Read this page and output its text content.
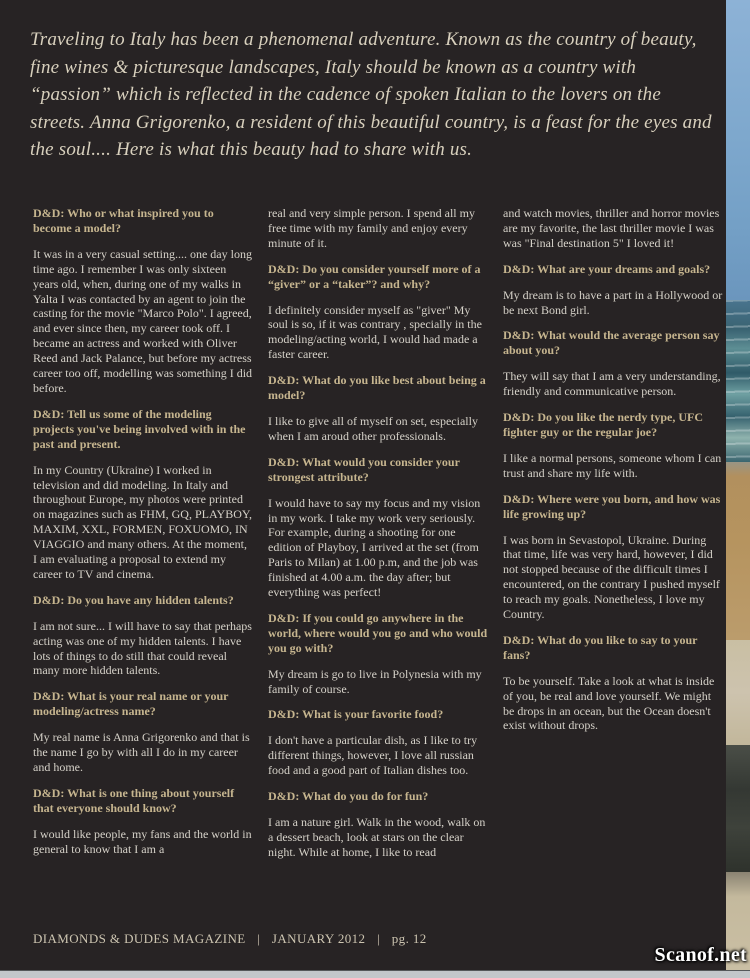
Traveling to Italy has been a phenomenal adventure. Known as the country of beauty, fine wines & picturesque landscapes, Italy should be known as a country with “passion” which is reflected in the cadence of spoken Italian to the lovers on the streets. Anna Grigorenko, a resident of this beautiful country, is a feast for the eyes and the soul.... Here is what this beauty had to share with us.

D&D: Who or what inspired you to become a model?

It was in a very casual setting.... one day long time ago. I remember I was only sixteen years old, when, during one of my walks in Yalta I was contacted by an agent to join the casting for the movie "Marco Polo". I agreed, and ever since then, my career took off. I became an actress and worked with Oliver Reed and Jack Palance, but before my actress career too off, modelling was something I did before.

D&D: Tell us some of the modeling projects you've being involved with in the past and present.

In my Country (Ukraine) I worked in television and did modeling. In Italy and throughout Europe, my photos were printed on magazines such as FHM, GQ, PLAYBOY, MAXIM, XXL, FORMEN, FOXUOMO, IN VIAGGIO and many others. At the moment, I am evaluating a proposal to extend my career to TV and cinema.

D&D: Do you have any hidden talents?

I am not sure... I will have to say that perhaps acting was one of my hidden talents. I have lots of things to do still that could reveal many more hidden talents.

D&D: What is your real name or your modeling/actress name?

My real name is Anna Grigorenko and that is the name I go by with all I do in my career and home.

D&D: What is one thing about yourself that everyone should know?

I would like people, my fans and the world in general to know that I am a

real and very simple person. I spend all my free time with my family and enjoy every minute of it.

D&D: Do you consider yourself more of a “giver” or a “taker”? and why?

I definitely consider myself as "giver" My soul is so, if it was contrary , specially in the modeling/acting world, I would had made a faster career.

D&D: What do you like best about being a model?

I like to give all of myself on set, especially when I am aroud other professionals.

D&D: What would you consider your strongest attribute?

I would have to say my focus and my vision in my work. I take my work very seriously. For example, during a shooting for one edition of Playboy, I arrived at the set (from Paris to Milan) at 1.00 p.m, and the job was finished at 4.00 a.m. the day after; but everything was perfect!

D&D: If you could go anywhere in the world, where would you go and who would you go with?

My dream is go to live in Polynesia with my family of course.

D&D: What is your favorite food?

I don't have a particular dish, as I like to try different things, however, I love all russian food and a good part of Italian dishes too.

D&D: What do you do for fun?

I am a nature girl. Walk in the wood, walk on a dessert beach, look at stars on the clear night. While at home, I like to read

and watch movies, thriller and horror movies are my favorite, the last thriller movie I was was "Final destination 5" I loved it!

D&D: What are your dreams and goals?

My dream is to have a part in a Hollywood or be next Bond girl.

D&D: What would the average person say about you?

They will say that I am a very understanding, friendly and communicative person.

D&D: Do you like the nerdy type, UFC fighter guy or the regular joe?

I like a normal persons, someone whom I can trust and share my life with.

D&D: Where were you born, and how was life growing up?

I was born in Sevastopol, Ukraine. During that time, life was very hard, however, I did not stopped because of the difficult times I encountered, on the contrary I pushed myself to reach my goals. Nonetheless, I love my Country.

D&D: What do you like to say to your fans?

To be yourself. Take a look at what is inside of you, be real and love yourself. We might be drops in an ocean, but the Ocean doesn't exist without drops.

DIAMONDS & DUDES MAGAZINE | JANUARY 2012 | pg. 12
Scanof.net
